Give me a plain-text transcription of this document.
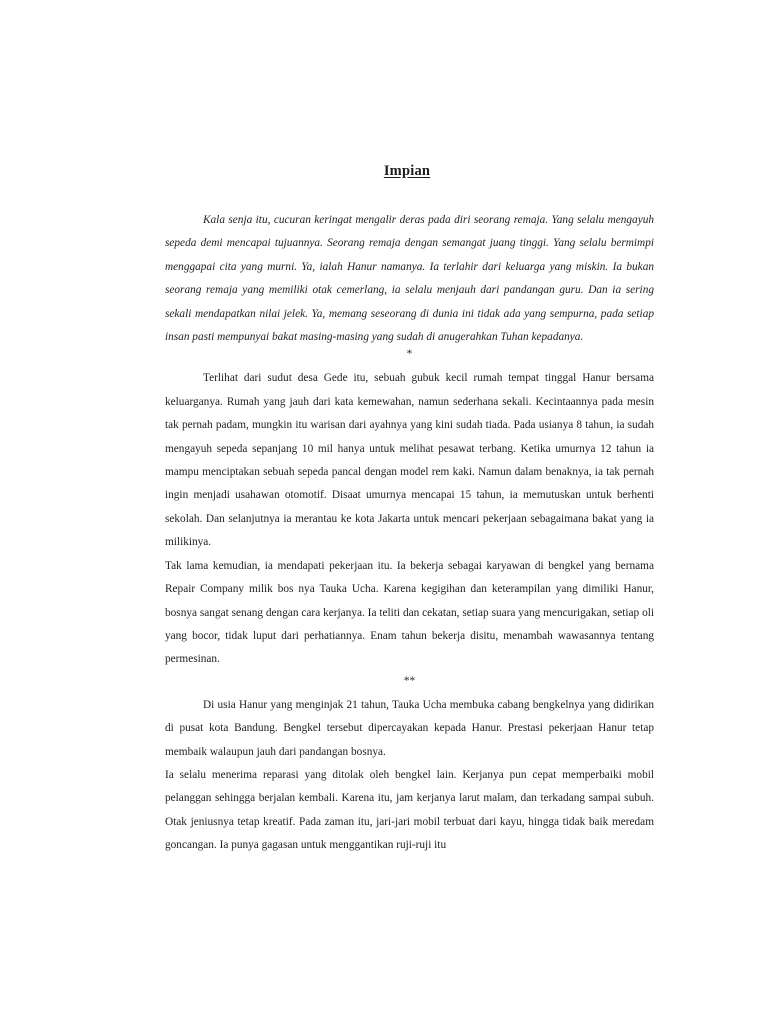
Impian

Kala senja itu, cucuran keringat mengalir deras pada diri seorang remaja. Yang selalu mengayuh sepeda demi mencapai tujuannya. Seorang remaja dengan semangat juang tinggi. Yang selalu bermimpi menggapai cita yang murni. Ya, ialah Hanur namanya. Ia terlahir dari keluarga yang miskin. Ia bukan seorang remaja yang memiliki otak cemerlang, ia selalu menjauh dari pandangan guru. Dan ia sering sekali mendapatkan nilai jelek. Ya, memang seseorang di dunia ini tidak ada yang sempurna, pada setiap insan pasti mempunyai bakat masing-masing yang sudah di anugerahkan Tuhan kepadanya.

*

Terlihat dari sudut desa Gede itu, sebuah gubuk kecil rumah tempat tinggal Hanur bersama keluarganya. Rumah yang jauh dari kata kemewahan, namun sederhana sekali. Kecintaannya pada mesin tak pernah padam, mungkin itu warisan dari ayahnya yang kini sudah tiada. Pada usianya 8 tahun, ia sudah mengayuh sepeda sepanjang 10 mil hanya untuk melihat pesawat terbang. Ketika umurnya 12 tahun ia mampu menciptakan sebuah sepeda pancal dengan model rem kaki. Namun dalam benaknya, ia tak pernah ingin menjadi usahawan otomotif. Disaat umurnya mencapai 15 tahun, ia memutuskan untuk berhenti sekolah. Dan selanjutnya ia merantau ke kota Jakarta untuk mencari pekerjaan sebagaimana bakat yang ia milikinya.

Tak lama kemudian, ia mendapati pekerjaan itu. Ia bekerja sebagai karyawan di bengkel yang bernama Repair Company milik bos nya Tauka Ucha. Karena kegigihan dan keterampilan yang dimiliki Hanur, bosnya sangat senang dengan cara kerjanya. Ia teliti dan cekatan, setiap suara yang mencurigakan, setiap oli yang bocor, tidak luput dari perhatiannya. Enam tahun bekerja disitu, menambah wawasannya tentang permesinan.

**

Di usia Hanur yang menginjak 21 tahun, Tauka Ucha membuka cabang bengkelnya yang didirikan di pusat kota Bandung. Bengkel tersebut dipercayakan kepada Hanur. Prestasi pekerjaan Hanur tetap membaik walaupun jauh dari pandangan bosnya.

Ia selalu menerima reparasi yang ditolak oleh bengkel lain. Kerjanya pun cepat memperbaiki mobil pelanggan sehingga berjalan kembali. Karena itu, jam kerjanya larut malam, dan terkadang sampai subuh. Otak jeniusnya tetap kreatif. Pada zaman itu, jari-jari mobil terbuat dari kayu, hingga tidak baik meredam goncangan. Ia punya gagasan untuk menggantikan ruji-ruji itu
